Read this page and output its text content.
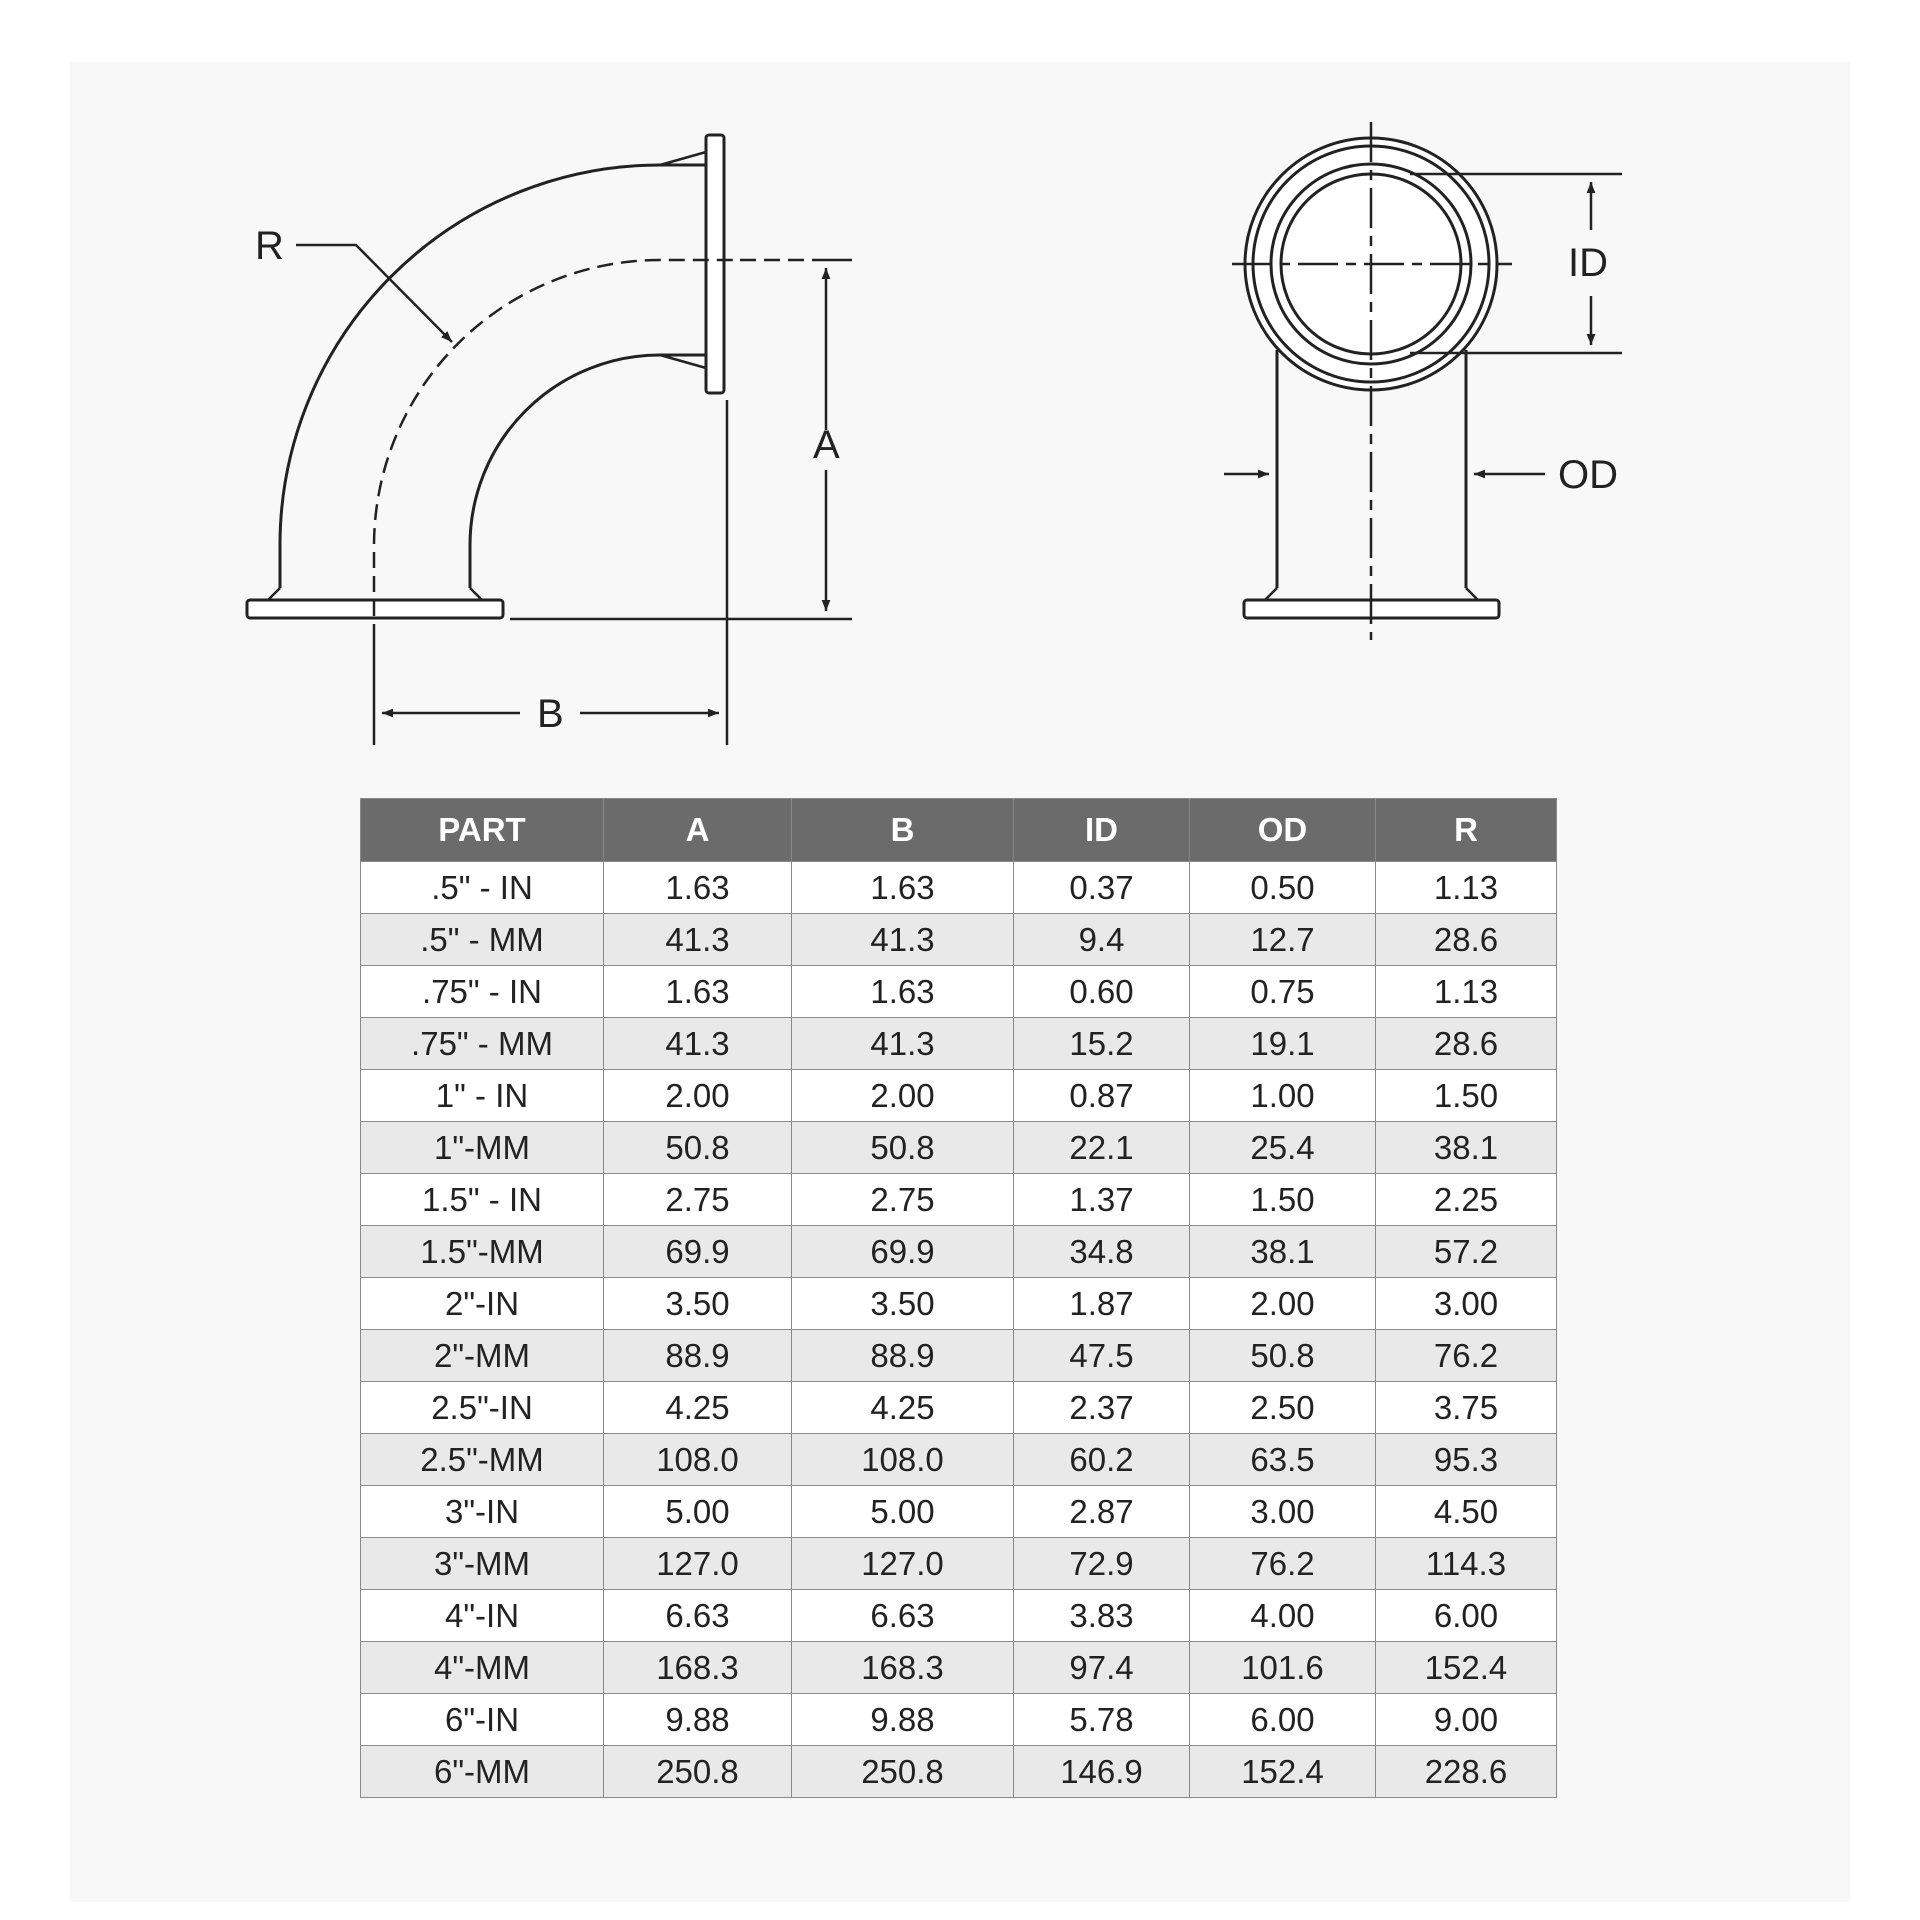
R
A
B
ID
OD
PART	A	B	ID	OD	R
.5" - IN	1.63	1.63	0.37	0.50	1.13
.5" - MM	41.3	41.3	9.4	12.7	28.6
.75" - IN	1.63	1.63	0.60	0.75	1.13
.75" - MM	41.3	41.3	15.2	19.1	28.6
1" - IN	2.00	2.00	0.87	1.00	1.50
1"-MM	50.8	50.8	22.1	25.4	38.1
1.5" - IN	2.75	2.75	1.37	1.50	2.25
1.5"-MM	69.9	69.9	34.8	38.1	57.2
2"-IN	3.50	3.50	1.87	2.00	3.00
2"-MM	88.9	88.9	47.5	50.8	76.2
2.5"-IN	4.25	4.25	2.37	2.50	3.75
2.5"-MM	108.0	108.0	60.2	63.5	95.3
3"-IN	5.00	5.00	2.87	3.00	4.50
3"-MM	127.0	127.0	72.9	76.2	114.3
4"-IN	6.63	6.63	3.83	4.00	6.00
4"-MM	168.3	168.3	97.4	101.6	152.4
6"-IN	9.88	9.88	5.78	6.00	9.00
6"-MM	250.8	250.8	146.9	152.4	228.6
